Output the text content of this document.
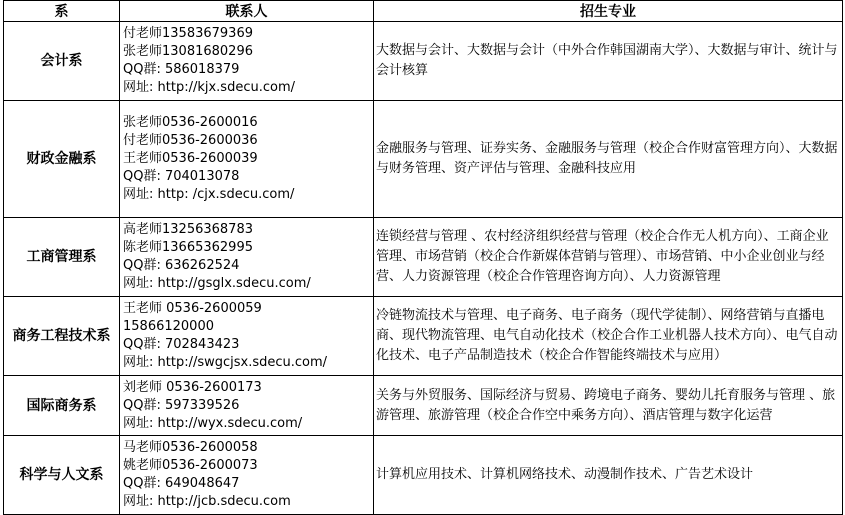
系	联系人	招生专业
会计系	付老师13583679369
张老师13081680296
QQ群: 586018379
网址: http://kjx.sdecu.com/	大数据与会计、大数据与会计（中外合作韩国湖南大学）、大数据与审计、统计与会计核算
财政金融系	张老师0536-2600016
付老师0536-2600036
王老师0536-2600039
QQ群: 704013078
网址: http: /cjx.sdecu.com/	金融服务与管理、证券实务、金融服务与管理（校企合作财富管理方向）、大数据与财务管理、资产评估与管理、金融科技应用
工商管理系	高老师13256368783
陈老师13665362995
QQ群: 636262524
网址: http://gsglx.sdecu.com/	连锁经营与管理 、农村经济组织经营与管理（校企合作无人机方向）、工商企业管理、市场营销（校企合作新媒体营销与管理）、市场营销、中小企业创业与经营、人力资源管理（校企合作管理咨询方向）、人力资源管理
商务工程技术系	王老师 0536-2600059
15866120000
QQ群: 702843423
网址: http://swgcjsx.sdecu.com/	冷链物流技术与管理、电子商务、电子商务（现代学徒制）、网络营销与直播电商、现代物流管理、电气自动化技术（校企合作工业机器人技术方向）、电气自动化技术、电子产品制造技术（校企合作智能终端技术与应用）
国际商务系	刘老师 0536-2600173
QQ群: 597339526
网址: http://wyx.sdecu.com/	关务与外贸服务、国际经济与贸易、跨境电子商务、婴幼儿托育服务与管理 、旅游管理、旅游管理（校企合作空中乘务方向）、酒店管理与数字化运营
科学与人文系	马老师0536-2600058
姚老师0536-2600073
QQ群: 649048647
网址: http://jcb.sdecu.com	计算机应用技术、计算机网络技术、动漫制作技术、广告艺术设计
